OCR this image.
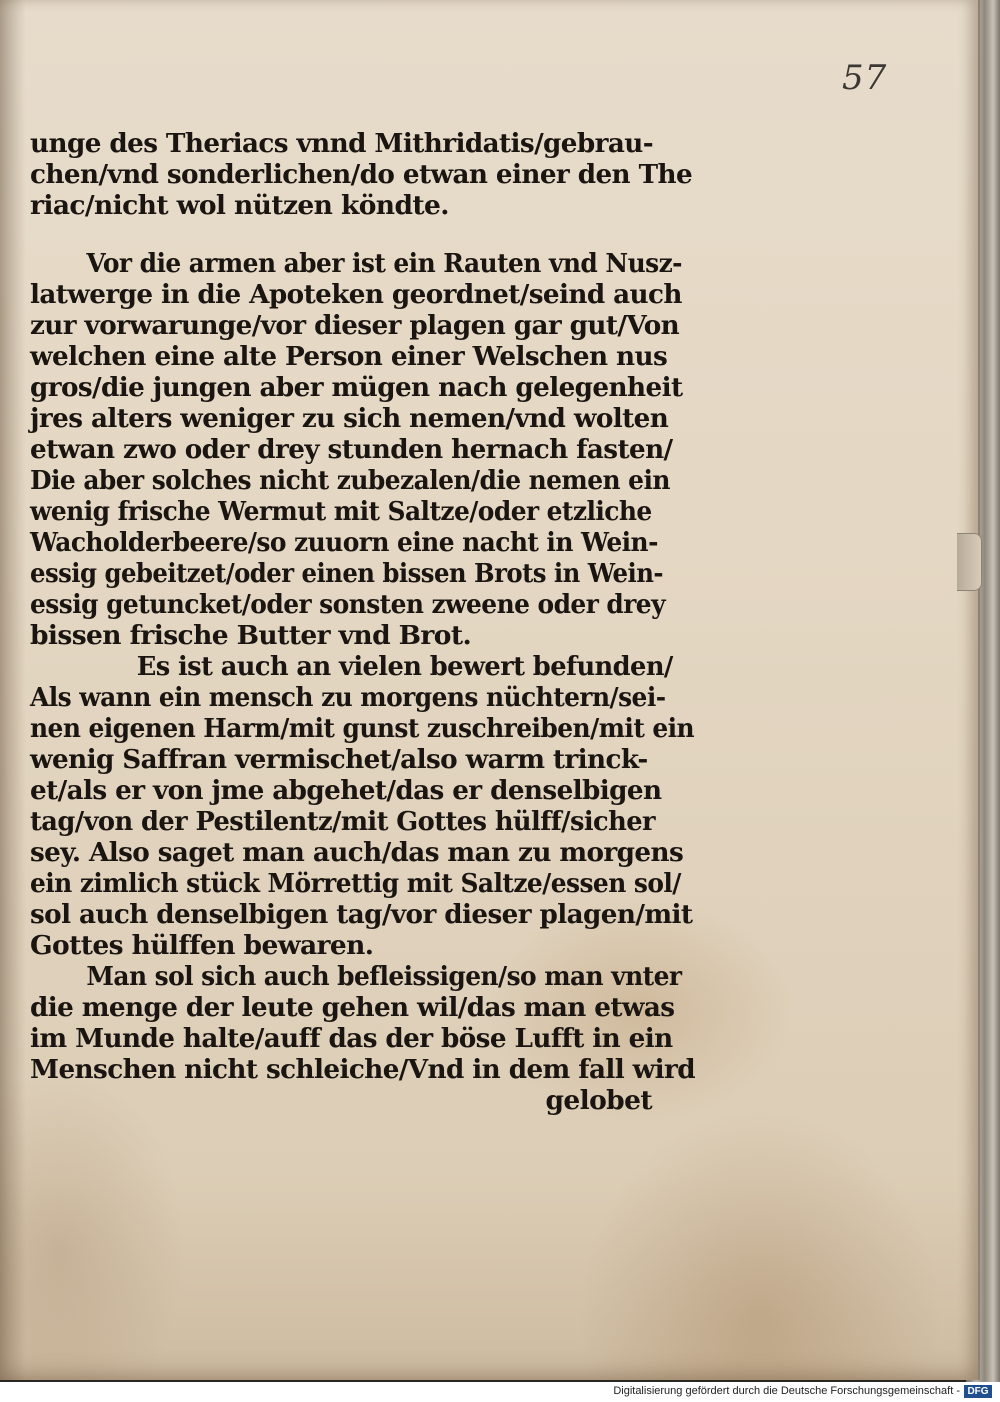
57
unge des Theriacs vnnd Mithridatis/gebrau-
chen/vnd sonderlichen/do etwan einer den The
riac/nicht wol nützen köndte.
Vor die armen aber ist ein Rauten vnd Nusz-
latwerge in die Apoteken geordnet/seind auch
zur vorwarunge/vor dieser plagen gar gut/Von
welchen eine alte Person einer Welschen nus
gros/die jungen aber mügen nach gelegenheit
jres alters weniger zu sich nemen/vnd wolten
etwan zwo oder drey stunden hernach fasten/
Die aber solches nicht zubezalen/die nemen ein
wenig frische Wermut mit Saltze/oder etzliche
Wacholderbeere/so zuuorn eine nacht in Wein-
essig gebeitzet/oder einen bissen Brots in Wein-
essig getuncket/oder sonsten zweene oder drey
bissen frische Butter vnd Brot.
Es ist auch an vielen bewert befunden/
Als wann ein mensch zu morgens nüchtern/sei-
nen eigenen Harm/mit gunst zuschreiben/mit ein
wenig Saffran vermischet/also warm trinck-
et/als er von jme abgehet/das er denselbigen
tag/von der Pestilentz/mit Gottes hülff/sicher
sey. Also saget man auch/das man zu morgens
ein zimlich stück Mörrettig mit Saltze/essen sol/
sol auch denselbigen tag/vor dieser plagen/mit
Gottes hülffen bewaren.
Man sol sich auch befleissigen/so man vnter
die menge der leute gehen wil/das man etwas
im Munde halte/auff das der böse Lufft in ein
Menschen nicht schleiche/Vnd in dem fall wird
gelobet
Digitalisierung gefördert durch die Deutsche Forschungsgemeinschaft - DFG
